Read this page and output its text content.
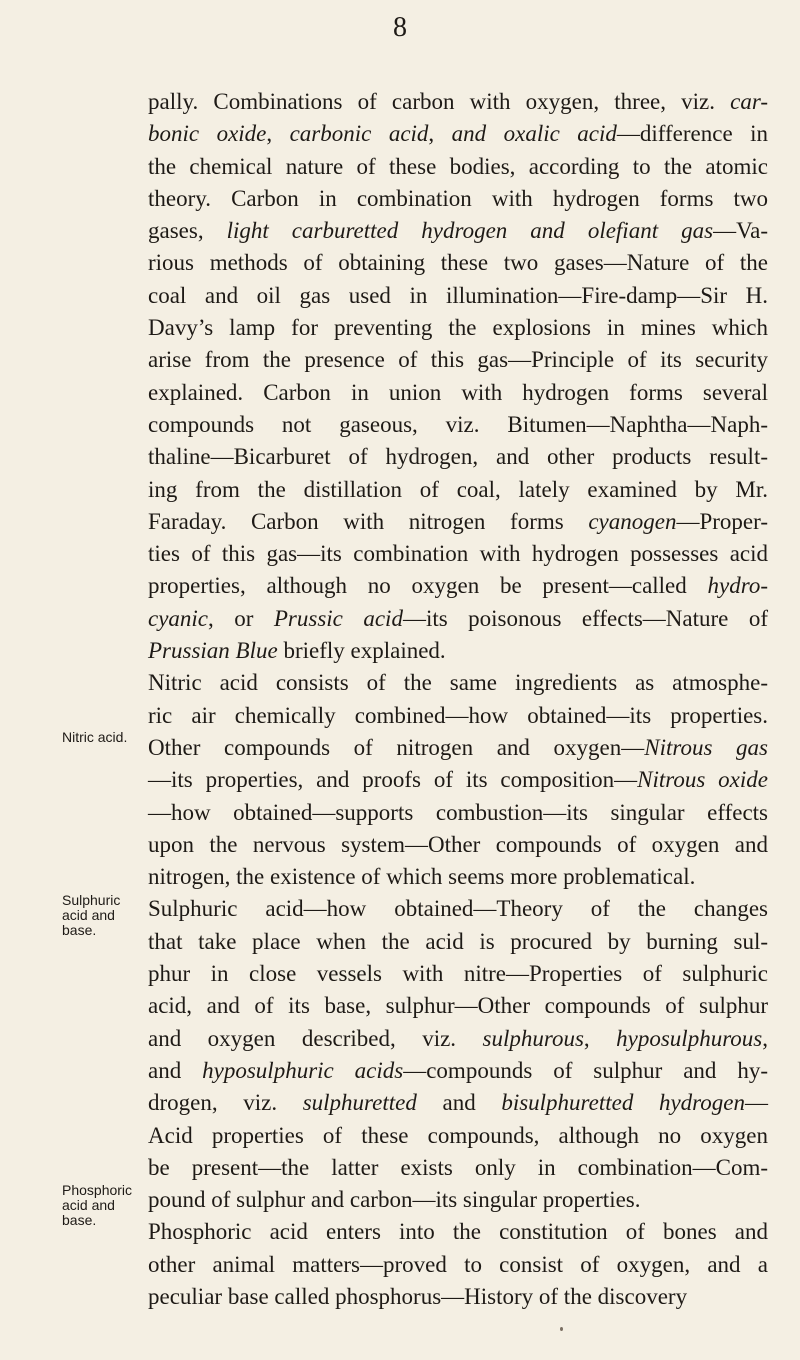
8
pally. Combinations of carbon with oxygen, three, viz. car-
bonic oxide, carbonic acid, and oxalic acid—difference in
the chemical nature of these bodies, according to the atomic
theory. Carbon in combination with hydrogen forms two
gases, light carburetted hydrogen and olefiant gas—Va-
rious methods of obtaining these two gases—Nature of the
coal and oil gas used in illumination—Fire-damp—Sir H.
Davy’s lamp for preventing the explosions in mines which
arise from the presence of this gas—Principle of its security
explained. Carbon in union with hydrogen forms several
compounds not gaseous, viz. Bitumen—Naphtha—Naph-
thaline—Bicarburet of hydrogen, and other products result-
ing from the distillation of coal, lately examined by Mr.
Faraday. Carbon with nitrogen forms cyanogen—Proper-
ties of this gas—its combination with hydrogen possesses acid
properties, although no oxygen be present—called hydro-
cyanic, or Prussic acid—its poisonous effects—Nature of
Prussian Blue briefly explained.
Nitric acid consists of the same ingredients as atmosphe-
ric air chemically combined—how obtained—its properties.
Other compounds of nitrogen and oxygen—Nitrous gas
—its properties, and proofs of its composition—Nitrous oxide
—how obtained—supports combustion—its singular effects
upon the nervous system—Other compounds of oxygen and
nitrogen, the existence of which seems more problematical.
Sulphuric acid—how obtained—Theory of the changes
that take place when the acid is procured by burning sul-
phur in close vessels with nitre—Properties of sulphuric
acid, and of its base, sulphur—Other compounds of sulphur
and oxygen described, viz. sulphurous, hyposulphurous,
and hyposulphuric acids—compounds of sulphur and hy-
drogen, viz. sulphuretted and bisulphuretted hydrogen—
Acid properties of these compounds, although no oxygen
be present—the latter exists only in combination—Com-
pound of sulphur and carbon—its singular properties.
Phosphoric acid enters into the constitution of bones and
other animal matters—proved to consist of oxygen, and a
peculiar base called phosphorus—History of the discovery
Nitric acid.
Sulphuric
acid and
base.
Phosphoric
acid and
base.
